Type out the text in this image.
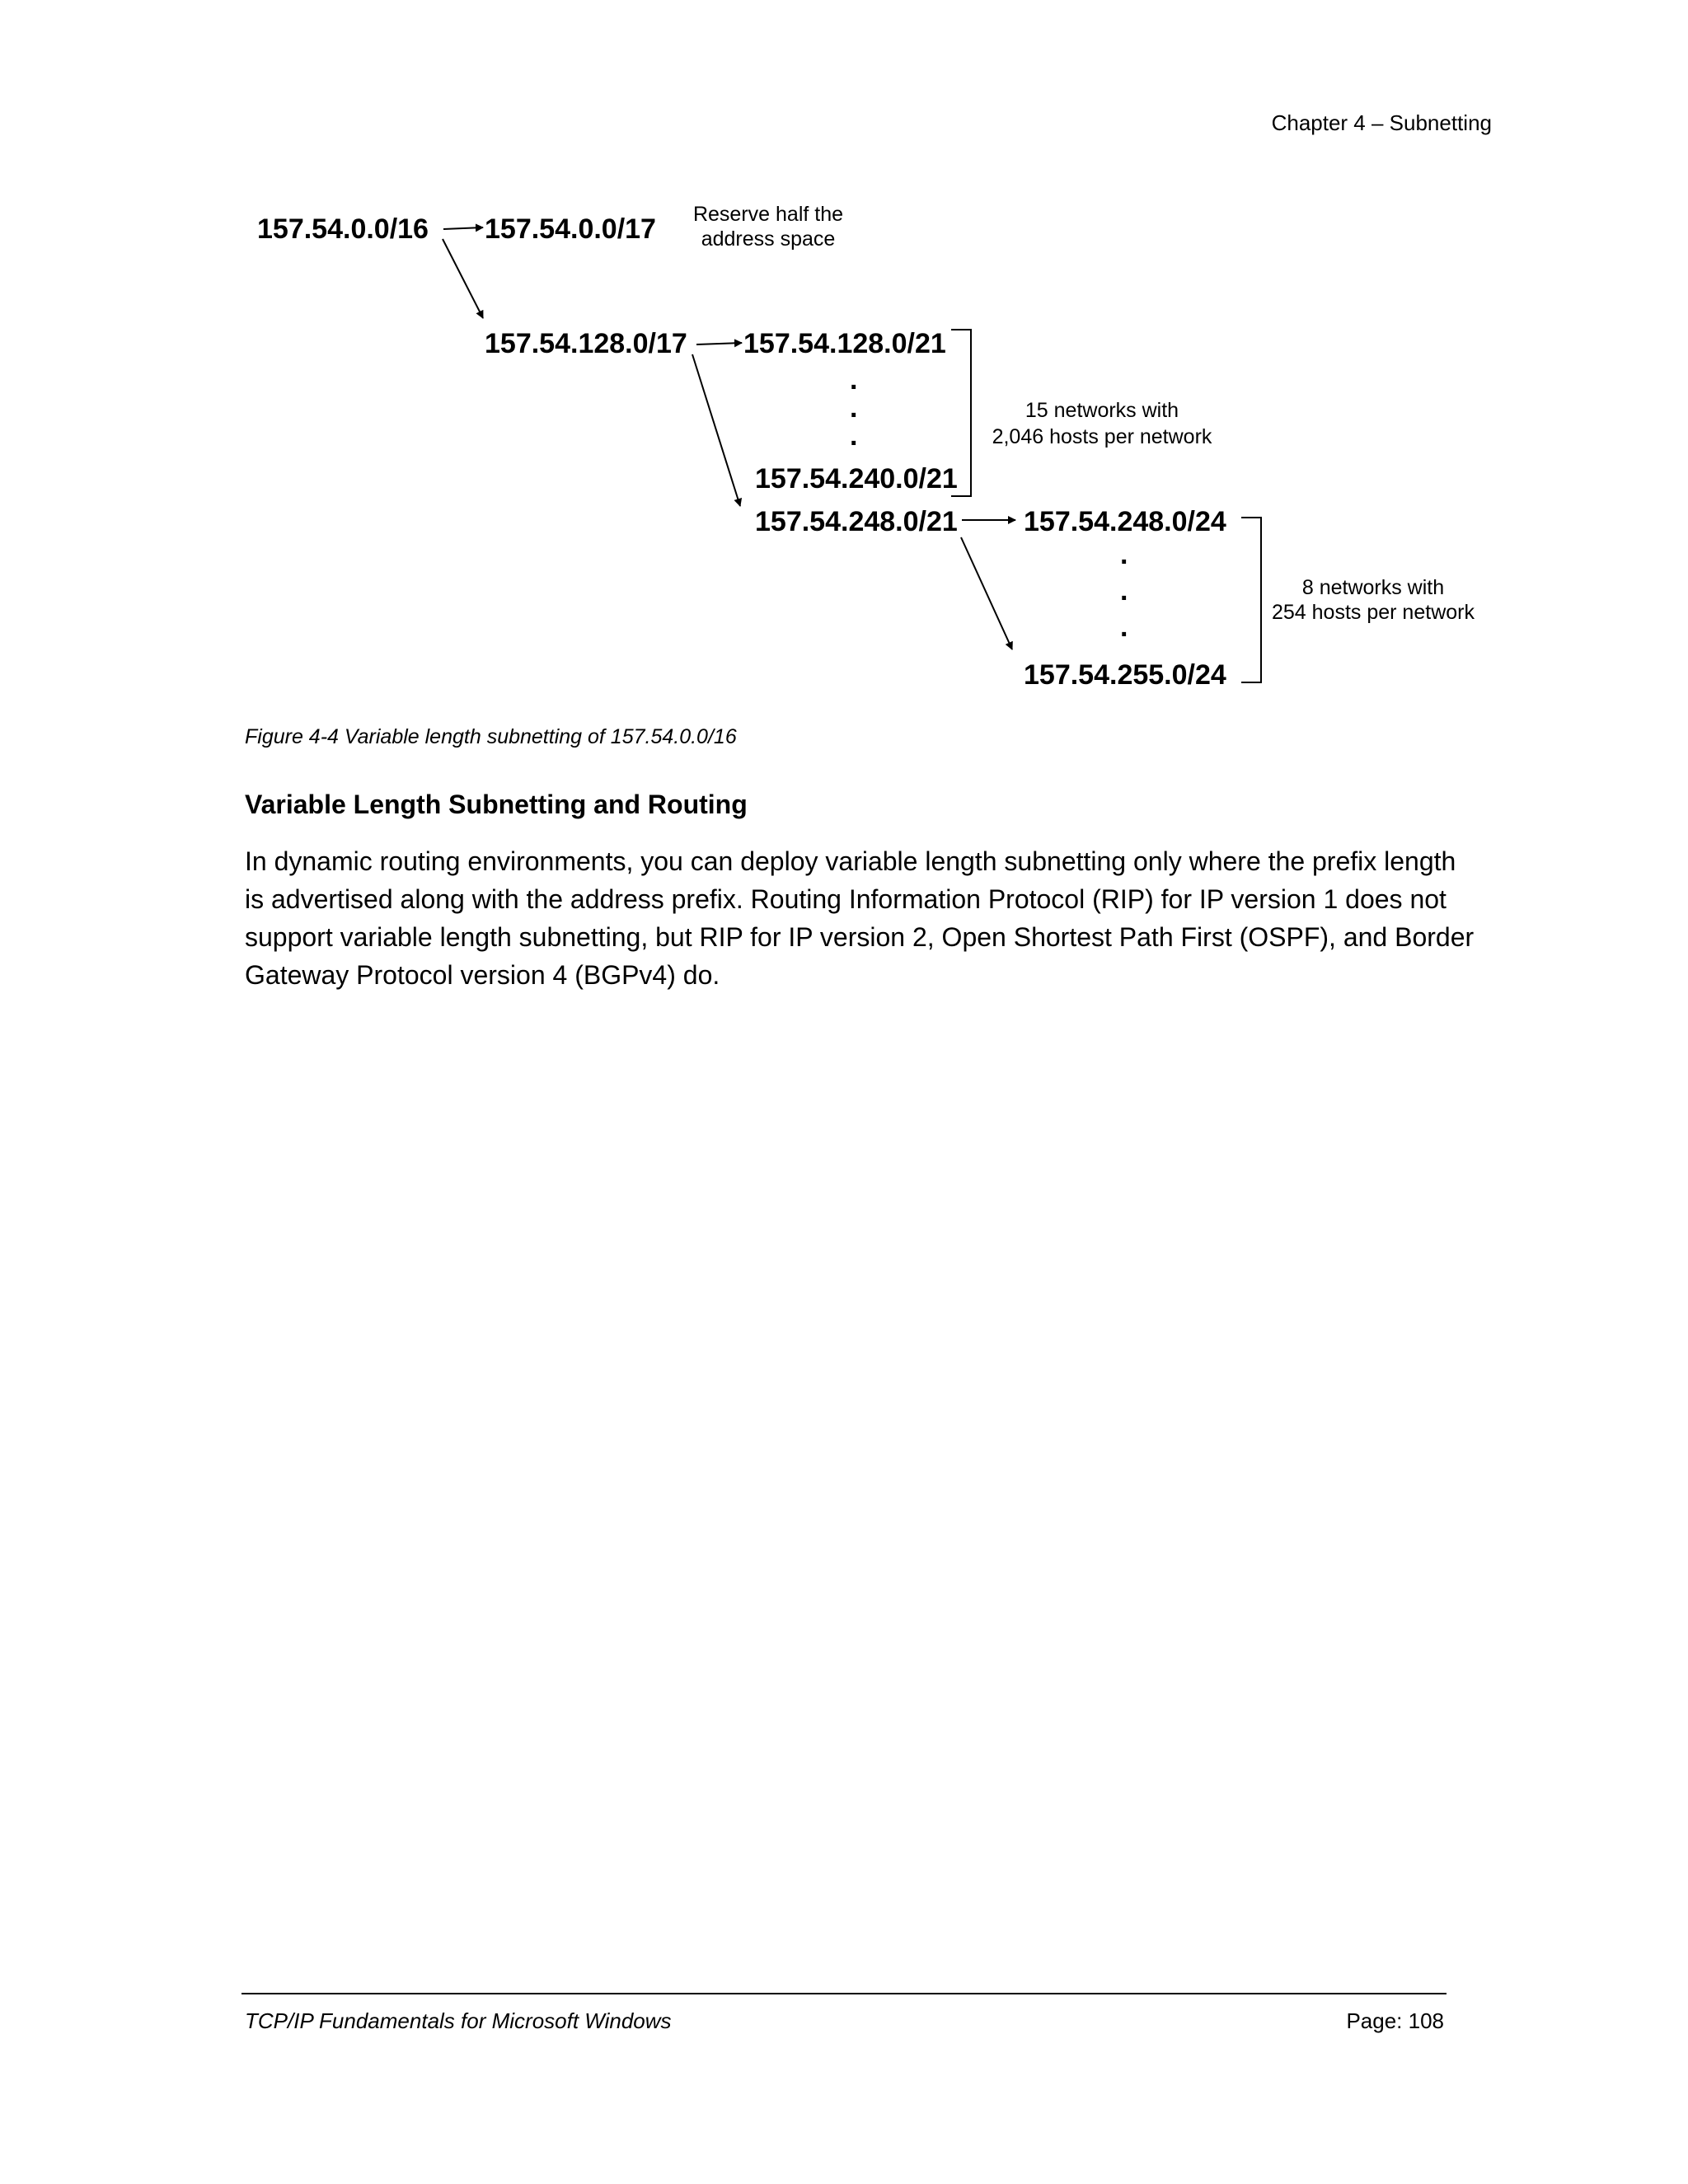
Chapter 4 – Subnetting
157.54.0.0/16 157.54.0.0/17
157.54.128.0/17 157.54.128.0/21
157.54.240.0/21
157.54.248.0/21 157.54.248.0/24
157.54.255.0/24
.
.
.
.
.
.
Reserve half the
address space
15 networks with
2,046 hosts per network
8 networks with
254 hosts per network
Figure 4-4 Variable length subnetting of 157.54.0.0/16
Variable Length Subnetting and Routing
In dynamic routing environments, you can deploy variable length subnetting only where the prefix length is advertised along with the address prefix. Routing Information Protocol (RIP) for IP version 1 does not support variable length subnetting, but RIP for IP version 2, Open Shortest Path First (OSPF), and Border Gateway Protocol version 4 (BGPv4) do.
TCP/IP Fundamentals for Microsoft Windows	Page: 108
